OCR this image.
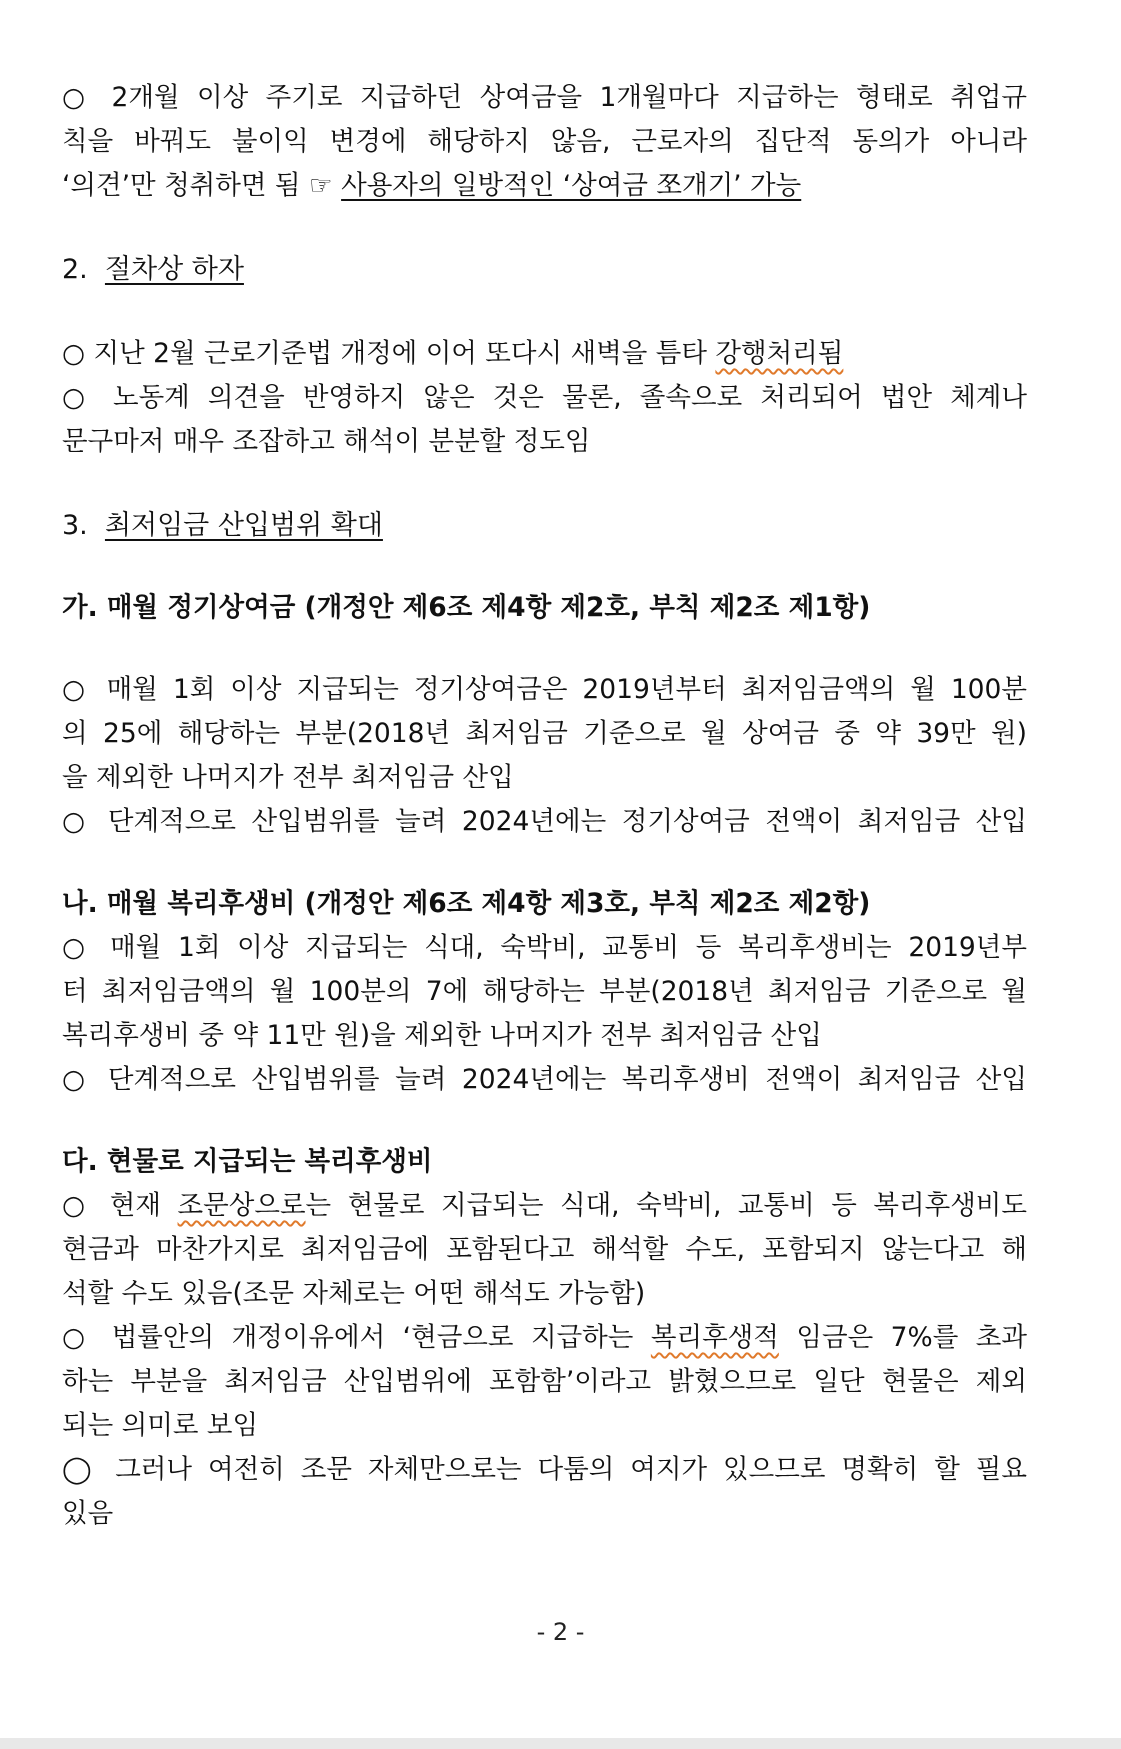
○ 2개월 이상 주기로 지급하던 상여금을 1개월마다 지급하는 형태로 취업규
칙을 바꿔도 불이익 변경에 해당하지 않음, 근로자의 집단적 동의가 아니라
‘의견’만 청취하면 됨 ☞ 사용자의 일방적인 ‘상여금 쪼개기’ 가능
2. 절차상 하자
○ 지난 2월 근로기준법 개정에 이어 또다시 새벽을 틈타 강행처리됨
○ 노동계 의견을 반영하지 않은 것은 물론, 졸속으로 처리되어 법안 체계나
문구마저 매우 조잡하고 해석이 분분할 정도임
3. 최저임금 산입범위 확대
가. 매월 정기상여금 (개정안 제6조 제4항 제2호, 부칙 제2조 제1항)
○ 매월 1회 이상 지급되는 정기상여금은 2019년부터 최저임금액의 월 100분
의 25에 해당하는 부분(2018년 최저임금 기준으로 월 상여금 중 약 39만 원)
을 제외한 나머지가 전부 최저임금 산입
○ 단계적으로 산입범위를 늘려 2024년에는 정기상여금 전액이 최저임금 산입
나. 매월 복리후생비 (개정안 제6조 제4항 제3호, 부칙 제2조 제2항)
○ 매월 1회 이상 지급되는 식대, 숙박비, 교통비 등 복리후생비는 2019년부
터 최저임금액의 월 100분의 7에 해당하는 부분(2018년 최저임금 기준으로 월
복리후생비 중 약 11만 원)을 제외한 나머지가 전부 최저임금 산입
○ 단계적으로 산입범위를 늘려 2024년에는 복리후생비 전액이 최저임금 산입
다. 현물로 지급되는 복리후생비
○ 현재 조문상으로는 현물로 지급되는 식대, 숙박비, 교통비 등 복리후생비도
현금과 마찬가지로 최저임금에 포함된다고 해석할 수도, 포함되지 않는다고 해
석할 수도 있음(조문 자체로는 어떤 해석도 가능함)
○ 법률안의 개정이유에서 ‘현금으로 지급하는 복리후생적 임금은 7%를 초과
하는 부분을 최저임금 산입범위에 포함함’이라고 밝혔으므로 일단 현물은 제외
되는 의미로 보임
◯ 그러나 여전히 조문 자체만으로는 다툼의 여지가 있으므로 명확히 할 필요
있음
- 2 -
